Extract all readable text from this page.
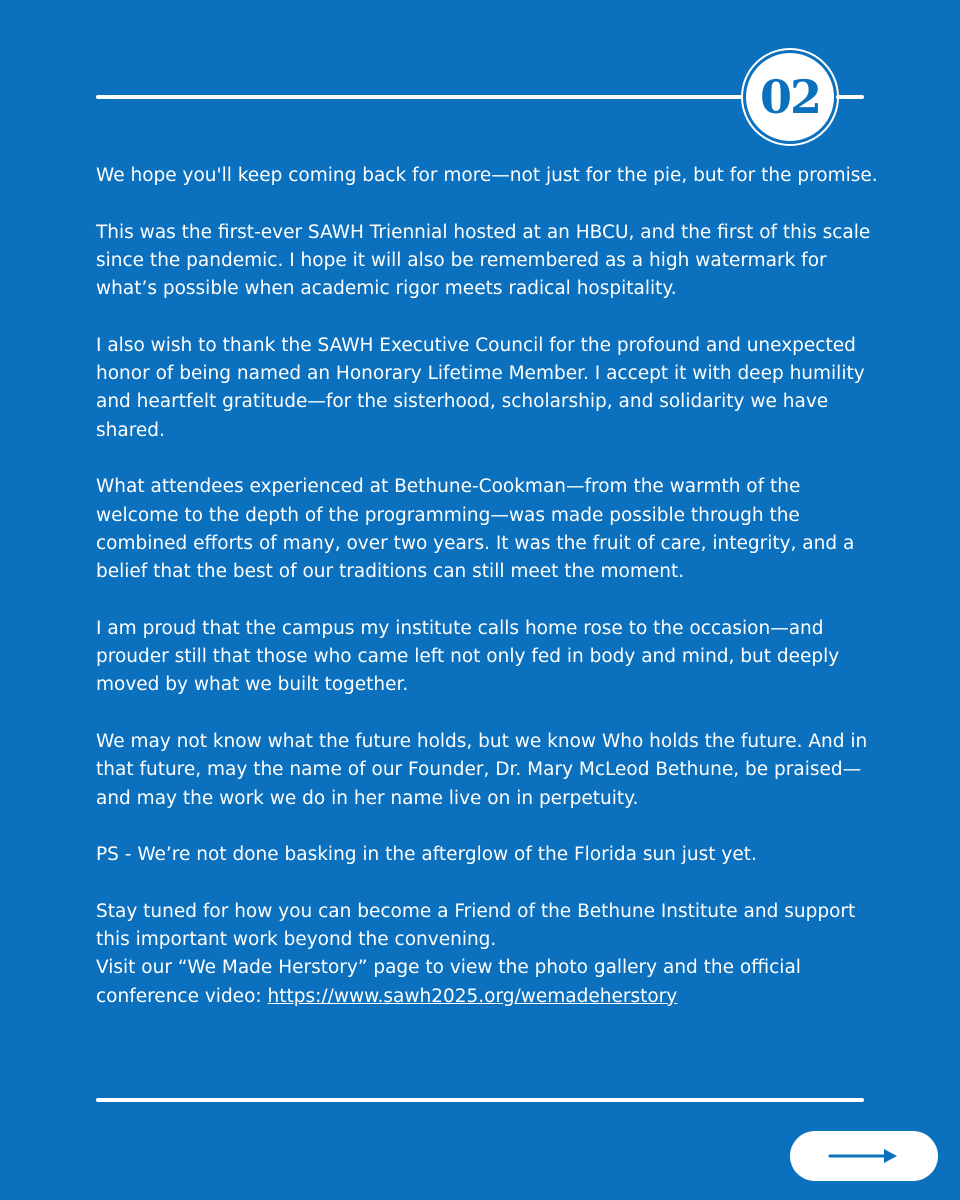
02

We hope you'll keep coming back for more—not just for the pie, but for the promise.

This was the first-ever SAWH Triennial hosted at an HBCU, and the first of this scale since the pandemic. I hope it will also be remembered as a high watermark for what’s possible when academic rigor meets radical hospitality.

I also wish to thank the SAWH Executive Council for the profound and unexpected honor of being named an Honorary Lifetime Member. I accept it with deep humility and heartfelt gratitude—for the sisterhood, scholarship, and solidarity we have shared.

What attendees experienced at Bethune-Cookman—from the warmth of the welcome to the depth of the programming—was made possible through the combined efforts of many, over two years. It was the fruit of care, integrity, and a belief that the best of our traditions can still meet the moment.

I am proud that the campus my institute calls home rose to the occasion—and prouder still that those who came left not only fed in body and mind, but deeply moved by what we built together.

We may not know what the future holds, but we know Who holds the future. And in that future, may the name of our Founder, Dr. Mary McLeod Bethune, be praised—and may the work we do in her name live on in perpetuity.

PS - We’re not done basking in the afterglow of the Florida sun just yet.

Stay tuned for how you can become a Friend of the Bethune Institute and support this important work beyond the convening.

Visit our “We Made Herstory” page to view the photo gallery and the official conference video: https://www.sawh2025.org/wemadeherstory
